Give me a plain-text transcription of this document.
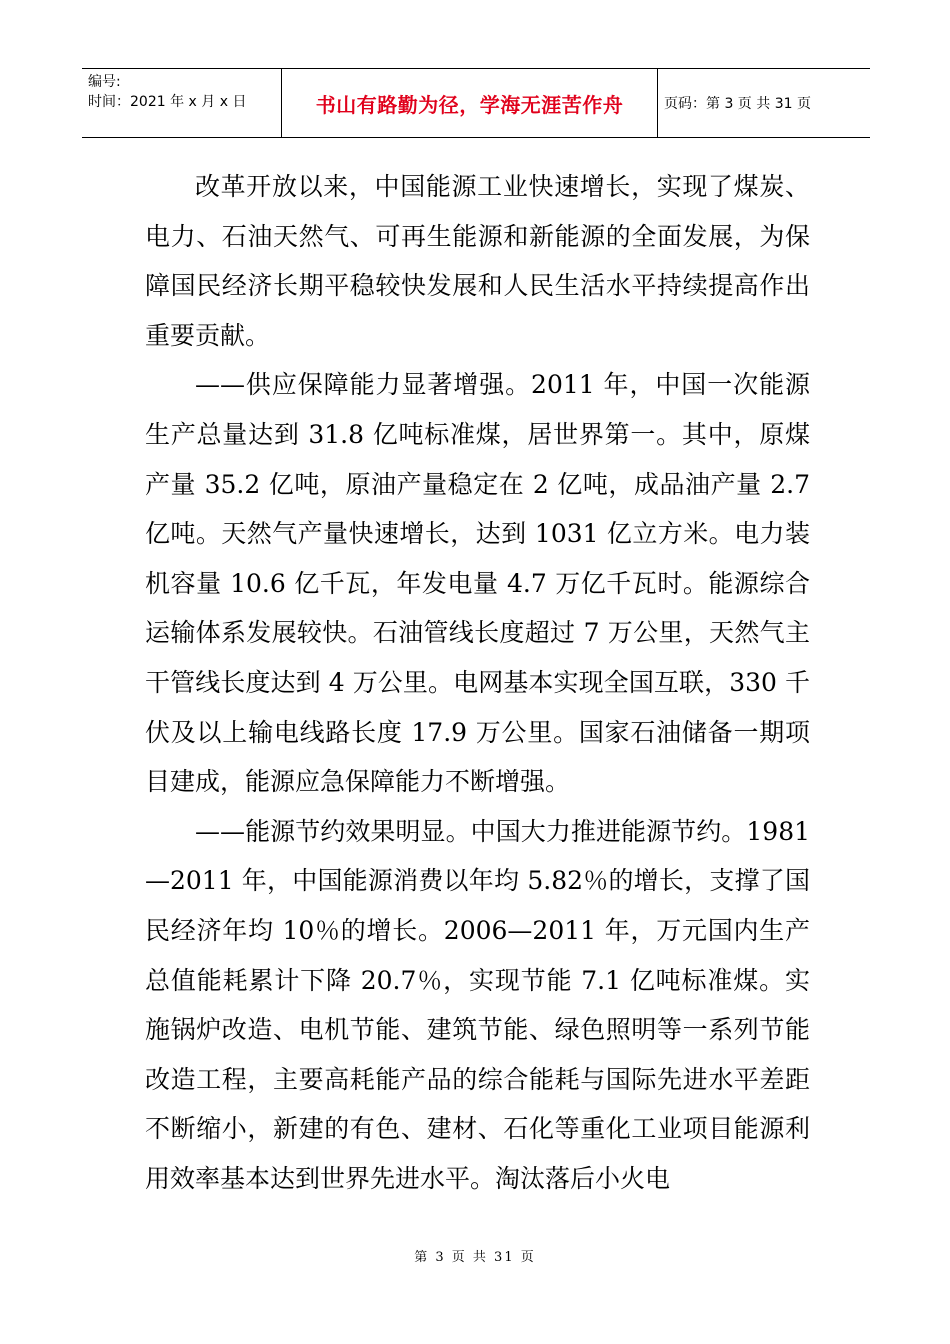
编号:
时间：2021 年 x 月 x 日	书山有路勤为径，学海无涯苦作舟	页码：第 3 页 共 31 页

改革开放以来，中国能源工业快速增长，实现了煤炭、电力、石油天然气、可再生能源和新能源的全面发展，为保障国民经济长期平稳较快发展和人民生活水平持续提高作出重要贡献。

——供应保障能力显著增强。2011 年，中国一次能源生产总量达到 31.8 亿吨标准煤，居世界第一。其中，原煤产量 35.2 亿吨，原油产量稳定在 2 亿吨，成品油产量 2.7 亿吨。天然气产量快速增长，达到 1031 亿立方米。电力装机容量 10.6 亿千瓦，年发电量 4.7 万亿千瓦时。能源综合运输体系发展较快。石油管线长度超过 7 万公里，天然气主干管线长度达到 4 万公里。电网基本实现全国互联，330 千伏及以上输电线路长度 17.9 万公里。国家石油储备一期项目建成，能源应急保障能力不断增强。

——能源节约效果明显。中国大力推进能源节约。1981—2011 年，中国能源消费以年均 5.82％的增长，支撑了国民经济年均 10％的增长。2006—2011 年，万元国内生产总值能耗累计下降 20.7％，实现节能 7.1 亿吨标准煤。实施锅炉改造、电机节能、建筑节能、绿色照明等一系列节能改造工程，主要高耗能产品的综合能耗与国际先进水平差距不断缩小，新建的有色、建材、石化等重化工业项目能源利用效率基本达到世界先进水平。淘汰落后小火电

第 3 页 共 31 页
